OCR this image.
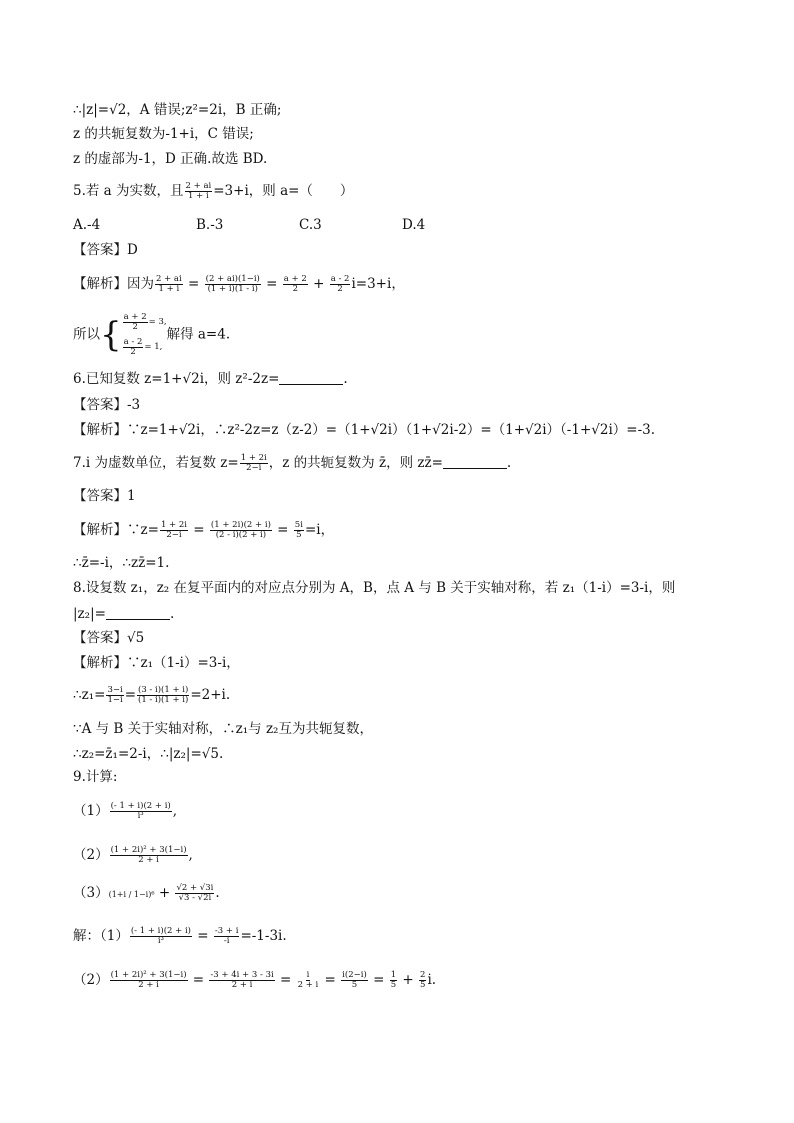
∴|z|=√2，A 错误;z²=2i，B 正确;
z 的共轭复数为-1+i，C 错误;
z 的虚部为-1，D 正确.故选 BD.
5.若 a 为实数，且 $\frac{2 + ai}{1 + i} =3+i$，则 a=（　　）
A.-4	B.-3	C.3	D.4
【答案】D
【解析】因为 $\frac{2 + ai}{1 + i} = \frac{(2 + ai)(1-i)}{(1 + i)(1 - i)} = \frac{a + 2}{2} + \frac{a - 2}{2} i=3+i$，
所以{ $\frac{a + 2}{2} = 3$,
$\frac{a - 2}{2} = 1$,
解得 a=4.
6.已知复数 z=1+√2i，则 z²-2z=	.
【答案】-3
【解析】∵z=1+√2i，∴z²-2z=z（z-2）=（1+√2i）（1+√2i-2）=（1+√2i）（-1+√2i）=-3.
7.i 为虚数单位，若复数 $z= \frac{1 + 2i}{2-i}$ ，z 的共轭复数为 z̄，则 zz̄=	.
【答案】1
【解析】∵z= $\frac{1 + 2i}{2-i} = \frac{(1 + 2i)(2 + i)}{(2 - i)(2 + i)} = \frac{5i}{5} =i$，
∴z̄=-i，∴zz̄=1.
8.设复数 z₁，z₂ 在复平面内的对应点分别为 A，B，点 A 与 B 关于实轴对称，若 z₁（1-i）=3-i，则
|z₂|=	.
【答案】√5
【解析】∵z₁（1-i）=3-i，
∴z₁= $\frac{3-i}{1-i} = \frac{(3 - i)(1 + i)}{(1 - i)(1 + i)} =2+i$.
∵A 与 B 关于实轴对称，∴z₁与 z₂互为共轭复数，
∴z₂=z̄₁=2-i，∴|z₂|=√5.
9.计算:
$(1) \frac{(- 1 + i)(2 + i)}{\text{i³}}$ ,
$(2) \frac{\text{(1 + 2i)² + 3(1−i)}}{2 + i}$ ,
$(3)(1+i / 1-i)^6 + \frac{√2 + √3i}{√3 - √2i}$ .
解：$(1) \frac{(- 1 + i)(2 + i)}{\text{i³}} = \frac{-3 + i}{-i} =-1-3i$.
$(2) \frac{\text{(1 + 2i)² + 3(1−i)}}{2 + i} = \frac{-3 + 4i + 3 - 3i}{2 + i} = \frac{i}{2 + i} = \frac{i(2-i)}{5} = \frac{1}{5} + \frac{2}{5} i$.
